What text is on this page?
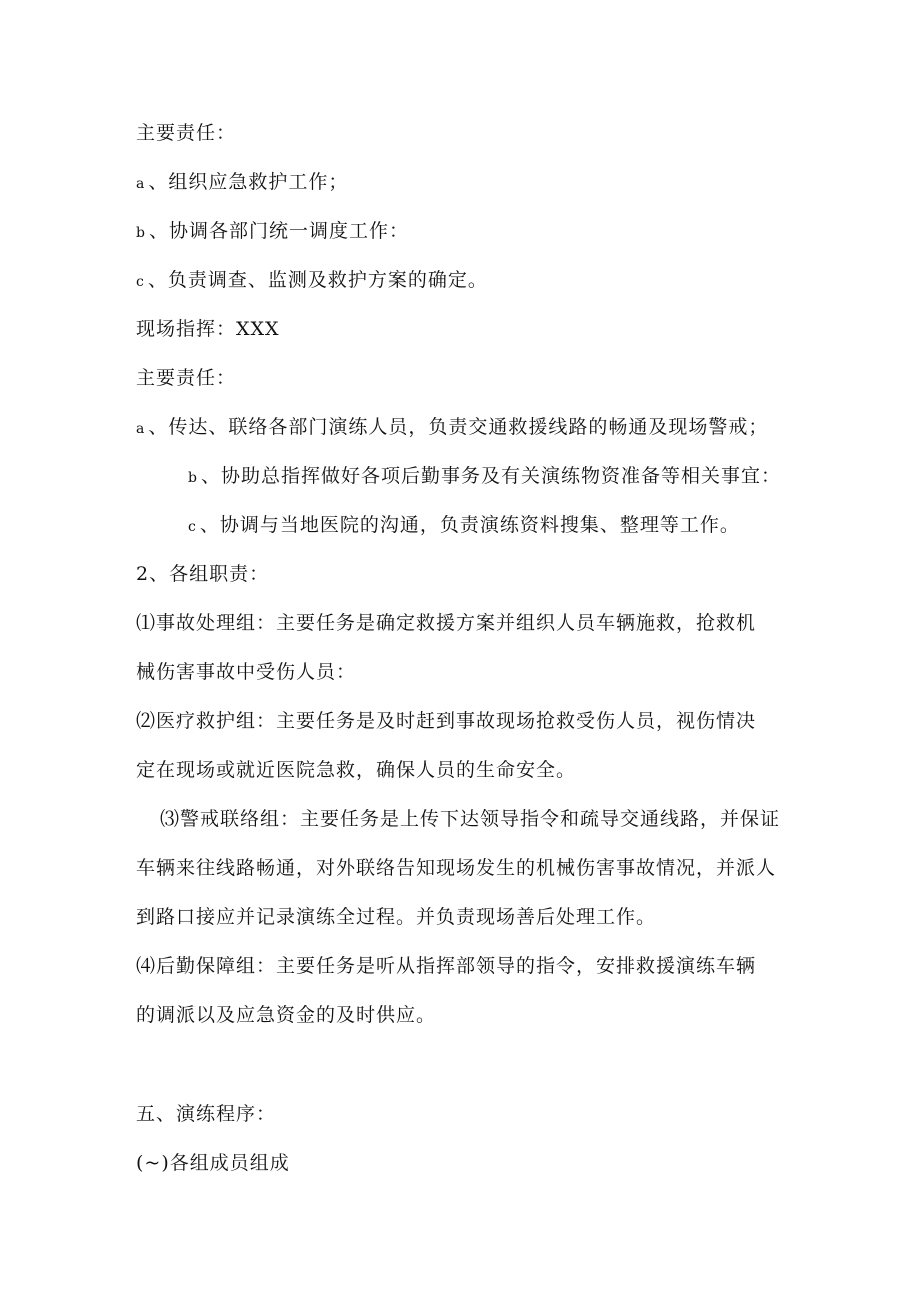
主要责任：
a 、组织应急救护工作；
b 、协调各部门统一调度工作：
c 、负责调查、监测及救护方案的确定。
现场指挥：XXX
主要责任：
a 、传达、联络各部门演练人员，负责交通救援线路的畅通及现场警戒；
b 、协助总指挥做好各项后勤事务及有关演练物资准备等相关事宜：
c 、协调与当地医院的沟通，负责演练资料搜集、整理等工作。
2、各组职责：
⑴事故处理组：主要任务是确定救援方案并组织人员车辆施救，抢救机
械伤害事故中受伤人员：
⑵医疗救护组：主要任务是及时赶到事故现场抢救受伤人员，视伤情决
定在现场或就近医院急救，确保人员的生命安全。
⑶警戒联络组：主要任务是上传下达领导指令和疏导交通线路，并保证
车辆来往线路畅通，对外联络告知现场发生的机械伤害事故情况，并派人
到路口接应并记录演练全过程。并负责现场善后处理工作。
⑷后勤保障组：主要任务是听从指挥部领导的指令，安排救援演练车辆
的调派以及应急资金的及时供应。
五、演练程序：
(~)各组成员组成
